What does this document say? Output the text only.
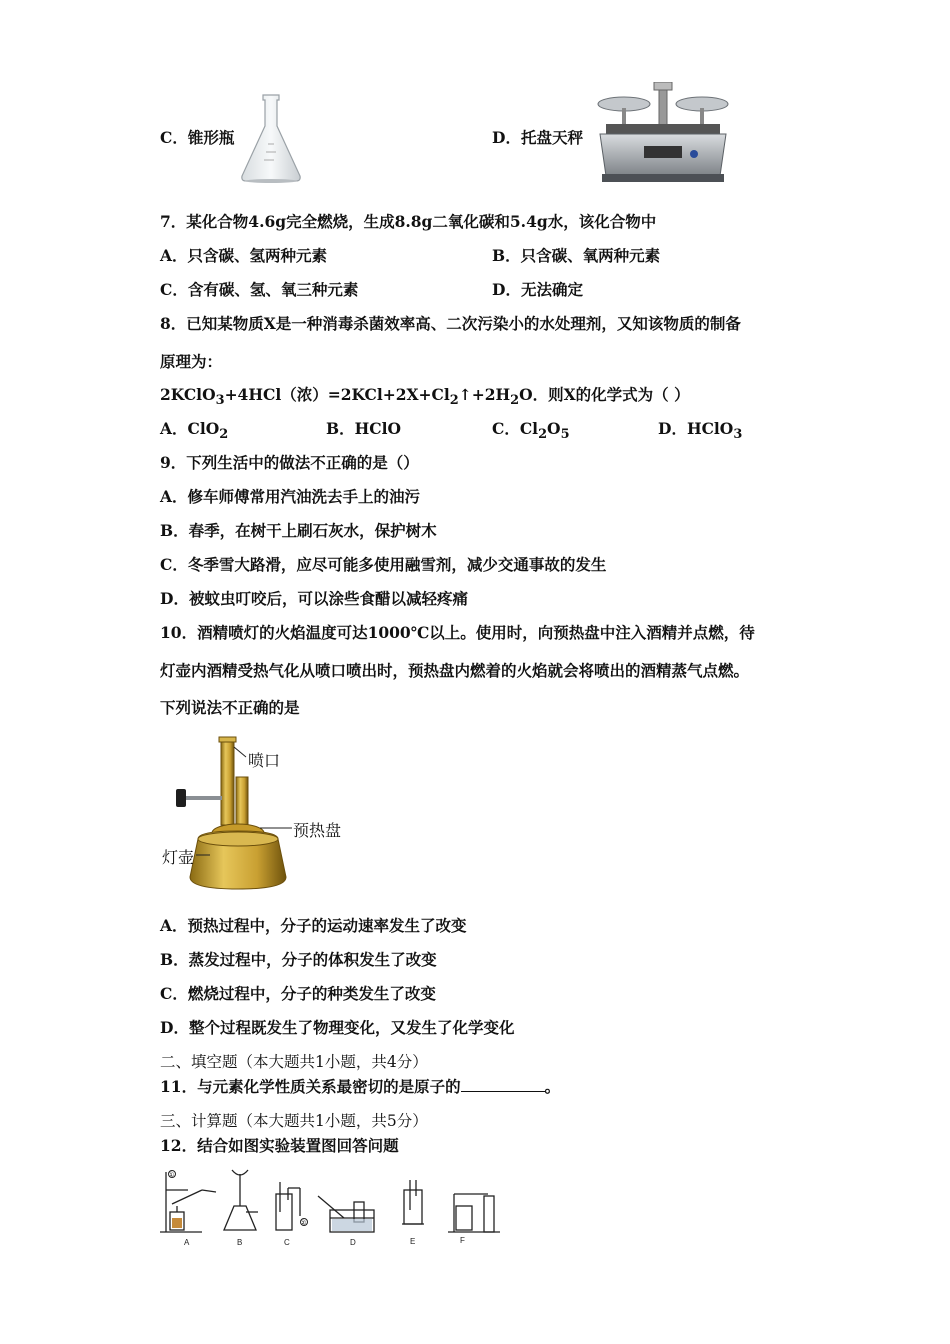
C．锥形瓶	D．托盘天秤
7．某化合物4.6g完全燃烧，生成8.8g二氧化碳和5.4g水，该化合物中
A．只含碳、氢两种元素	B．只含碳、氧两种元素
C．含有碳、氢、氧三种元素	D．无法确定
8．已知某物质X是一种消毒杀菌效率高、二次污染小的水处理剂，又知该物质的制备
原理为：
2KClO$_3$+4HCl（浓）$=2KCl+2X+Cl_2↑+2H_2O$．则X的化学式为（ ）
A．ClO$_2$	B．HClO	C．$Cl_2O_5$	D．HClO$_3$
9．下列生活中的做法不正确的是（）
A．修车师傅常用汽油洗去手上的油污
B．春季，在树干上刷石灰水，保护树木
C．冬季雪大路滑，应尽可能多使用融雪剂，减少交通事故的发生
D．被蚊虫叮咬后，可以涂些食醋以减轻疼痛
10．酒精喷灯的火焰温度可达1000℃以上。使用时，向预热盘中注入酒精并点燃，待
灯壶内酒精受热气化从喷口喷出时，预热盘内燃着的火焰就会将喷出的酒精蒸气点燃。
下列说法不正确的是
喷口
预热盘
灯壶
A．预热过程中，分子的运动速率发生了改变
B．蒸发过程中，分子的体积发生了改变
C．燃烧过程中，分子的种类发生了改变
D．整个过程既发生了物理变化，又发生了化学变化
二、填空题（本大题共1小题，共4分）
11．与元素化学性质关系最密切的是原子的	。
三、计算题（本大题共1小题，共5分）
12．结合如图实验装置图回答问题
A	B	C	D	E	F
①
②
